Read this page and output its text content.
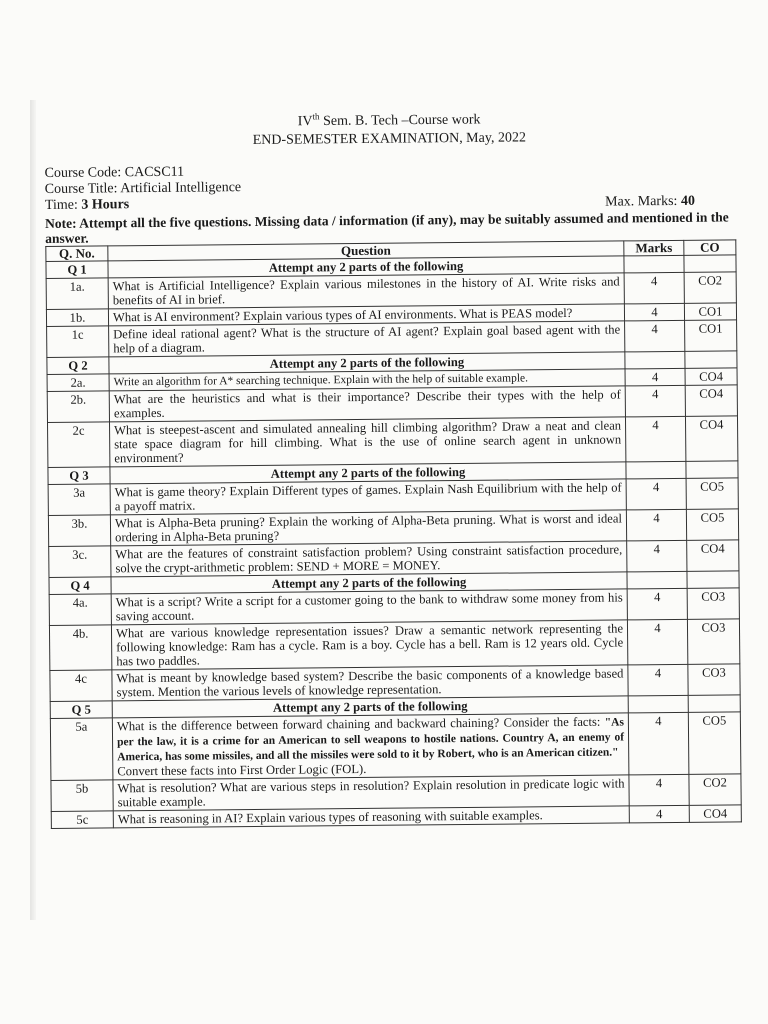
IVth Sem. B. Tech –Course work
END-SEMESTER EXAMINATION, May, 2022
Course Code: CACSC11
Course Title: Artificial Intelligence
Time: 3 Hours	Max. Marks: 40
Note: Attempt all the five questions. Missing data / information (if any), may be suitably assumed and mentioned in the answer.
Q. No.	Question	Marks	CO
Q 1	Attempt any 2 parts of the following		
1a.	What is Artificial Intelligence? Explain various milestones in the history of AI. Write risks and benefits of AI in brief.	4	CO2
1b.	What is AI environment? Explain various types of AI environments. What is PEAS model?	4	CO1
1c	Define ideal rational agent? What is the structure of AI agent? Explain goal based agent with the help of a diagram.	4	CO1
Q 2	Attempt any 2 parts of the following		
2a.	Write an algorithm for A* searching technique. Explain with the help of suitable example.	4	CO4
2b.	What are the heuristics and what is their importance? Describe their types with the help of examples.	4	CO4
2c	What is steepest-ascent and simulated annealing hill climbing algorithm? Draw a neat and clean state space diagram for hill climbing. What is the use of online search agent in unknown environment?	4	CO4
Q 3	Attempt any 2 parts of the following		
3a	What is game theory? Explain Different types of games. Explain Nash Equilibrium with the help of a payoff matrix.	4	CO5
3b.	What is Alpha-Beta pruning? Explain the working of Alpha-Beta pruning. What is worst and ideal ordering in Alpha-Beta pruning?	4	CO5
3c.	What are the features of constraint satisfaction problem? Using constraint satisfaction procedure, solve the crypt-arithmetic problem: SEND + MORE = MONEY.	4	CO4
Q 4	Attempt any 2 parts of the following		
4a.	What is a script? Write a script for a customer going to the bank to withdraw some money from his saving account.	4	CO3
4b.	What are various knowledge representation issues? Draw a semantic network representing the following knowledge: Ram has a cycle. Ram is a boy. Cycle has a bell. Ram is 12 years old. Cycle has two paddles.	4	CO3
4c	What is meant by knowledge based system? Describe the basic components of a knowledge based system. Mention the various levels of knowledge representation.	4	CO3
Q 5	Attempt any 2 parts of the following		
5a	What is the difference between forward chaining and backward chaining? Consider the facts: "As per the law, it is a crime for an American to sell weapons to hostile nations. Country A, an enemy of America, has some missiles, and all the missiles were sold to it by Robert, who is an American citizen."
Convert these facts into First Order Logic (FOL).	4	CO5
5b	What is resolution? What are various steps in resolution? Explain resolution in predicate logic with suitable example.	4	CO2
5c	What is reasoning in AI? Explain various types of reasoning with suitable examples.	4	CO4
